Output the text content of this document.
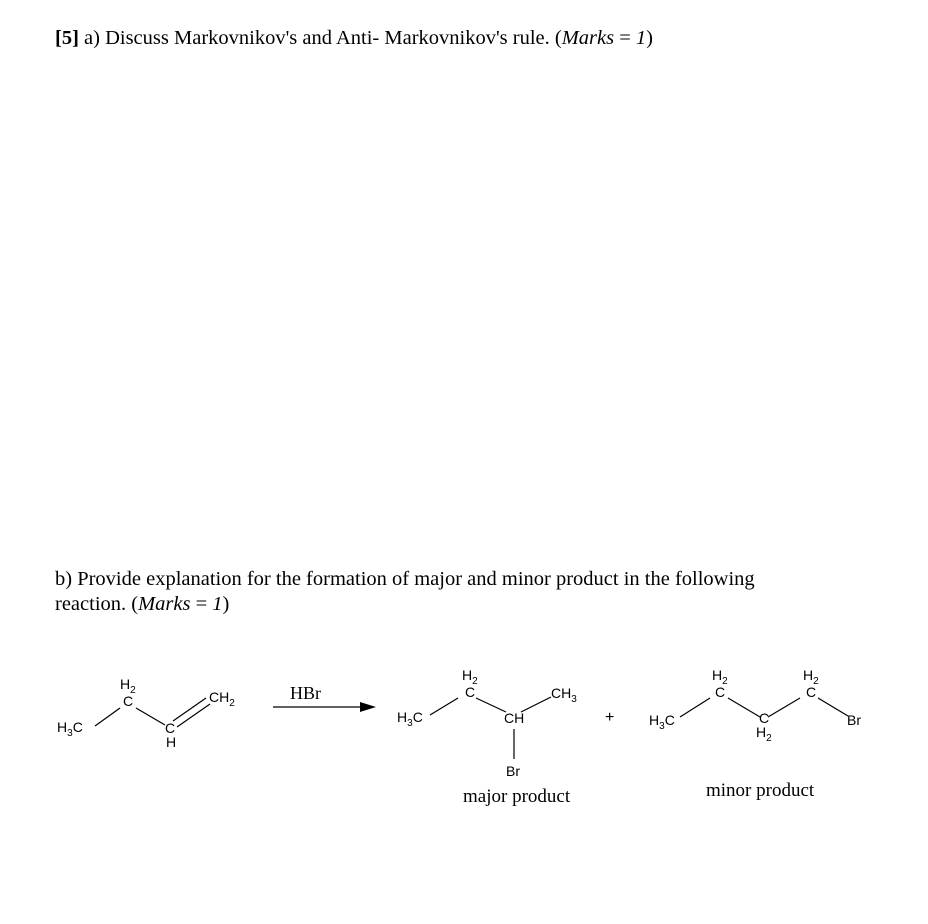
[5] a) Discuss Markovnikov's and Anti- Markovnikov's rule. (Marks = 1)
b) Provide explanation for the formation of major and minor product in the following
reaction. (Marks = 1)
$H_3C$
$H_2$
C
C
H
$CH_2$
HBr
$H_3C$
$H_2$
C
CH
$CH_3$
Br
major product
+ $H_3C$
$H_2$
C
C
$H_2$
$H_2$
C
Br
minor product
